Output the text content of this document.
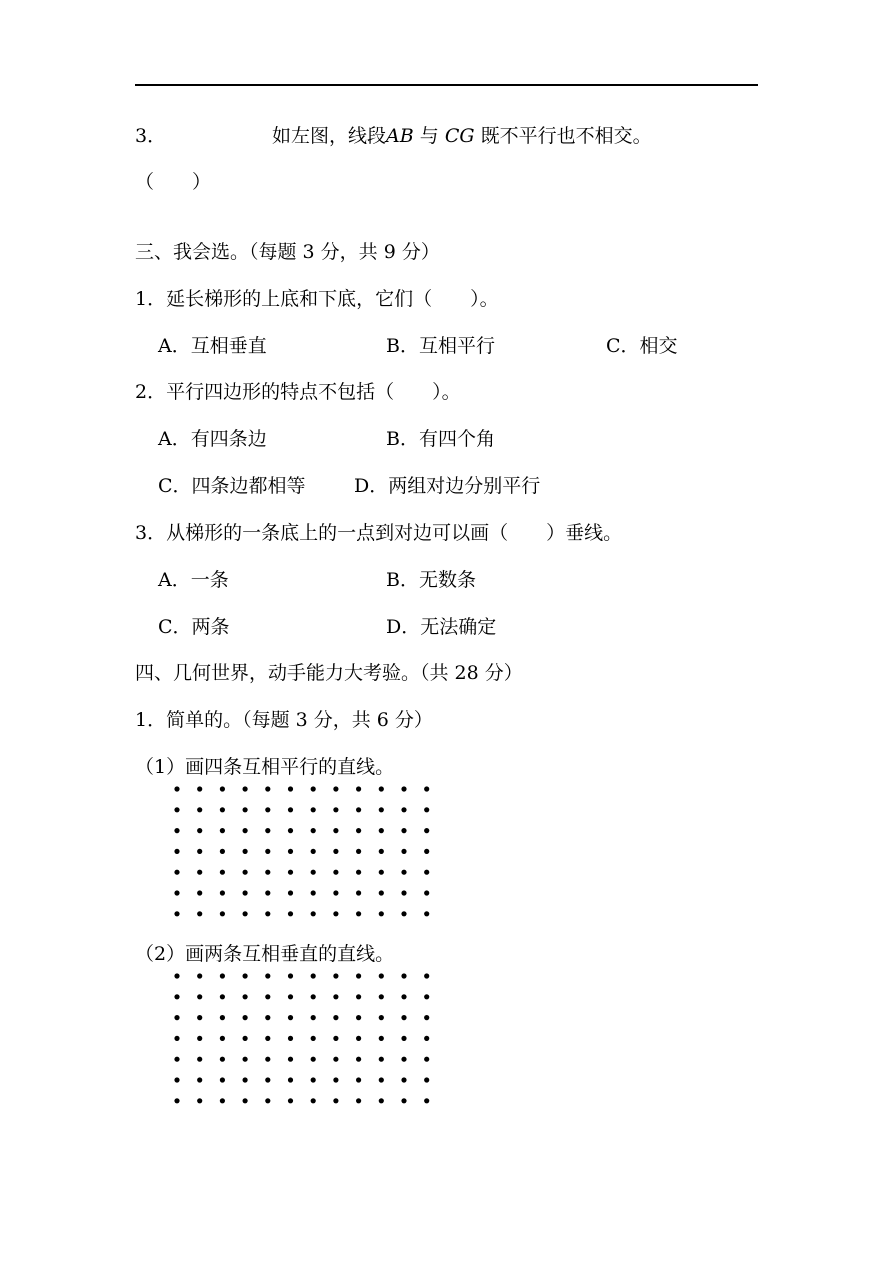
3．	如左图，线段AB 与 CG 既不平行也不相交。
（　　）
三、我会选。（每题 3 分，共 9 分）
1．延长梯形的上底和下底，它们（　　）。
A．互相垂直	B．互相平行	C．相交
2．平行四边形的特点不包括（　　）。
A．有四条边	B．有四个角
C．四条边都相等	D．两组对边分别平行
3．从梯形的一条底上的一点到对边可以画（　　）垂线。
A．一条	B．无数条
C．两条	D．无法确定
四、几何世界，动手能力大考验。（共 28 分）
1．简单的。（每题 3 分，共 6 分）
（1）画四条互相平行的直线。
（2）画两条互相垂直的直线。
